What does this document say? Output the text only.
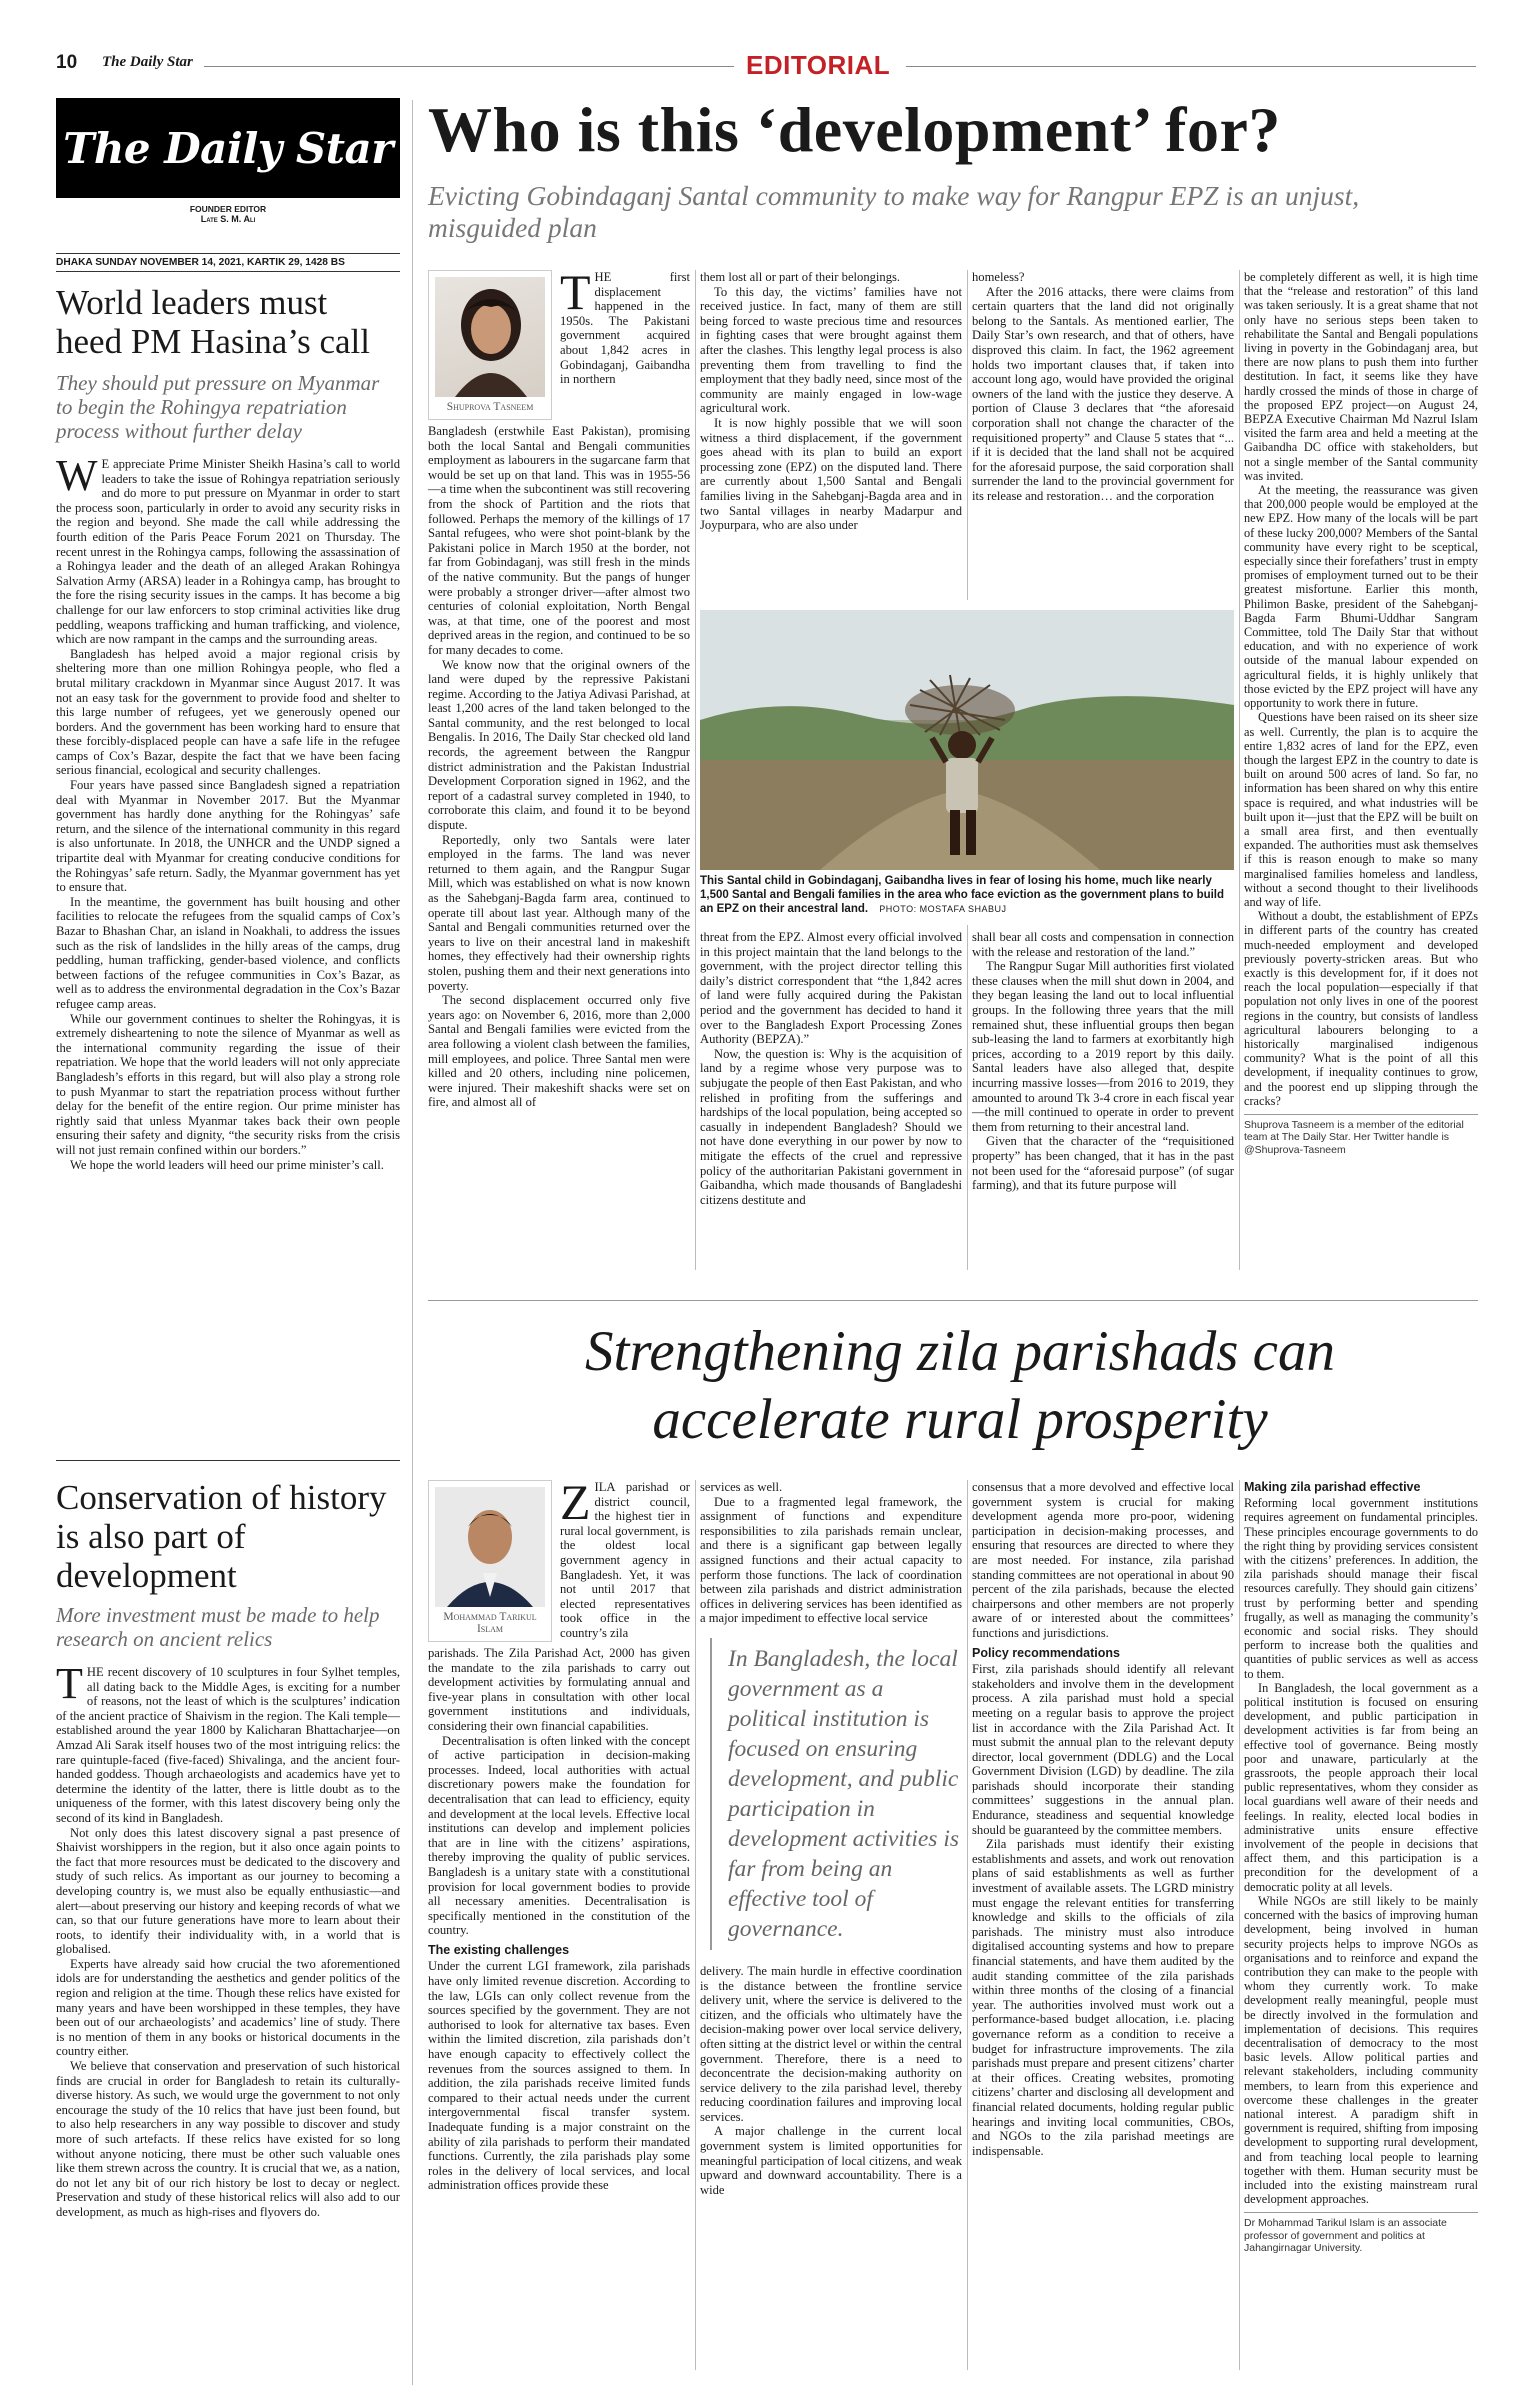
10 The Daily Star	EDITORIAL
The Daily Star
FOUNDER EDITOR
Late S. M. Ali
DHAKA SUNDAY NOVEMBER 14, 2021, KARTIK 29, 1428 BS
World leaders must heed PM Hasina’s call
They should put pressure on Myanmar to begin the Rohingya repatriation process without further delay

W E appreciate Prime Minister Sheikh Hasina’s call to world leaders to take the issue of Rohingya repatriation seriously and do more to put pressure on Myanmar in order to start the process soon, particularly in order to avoid any security risks in the region and beyond. She made the call while addressing the fourth edition of the Paris Peace Forum 2021 on Thursday. The recent unrest in the Rohingya camps, following the assassination of a Rohingya leader and the death of an alleged Arakan Rohingya Salvation Army (ARSA) leader in a Rohingya camp, has brought to the fore the rising security issues in the camps. It has become a big challenge for our law enforcers to stop criminal activities like drug peddling, weapons trafficking and human trafficking, and violence, which are now rampant in the camps and the surrounding areas.

Bangladesh has helped avoid a major regional crisis by sheltering more than one million Rohingya people, who fled a brutal military crackdown in Myanmar since August 2017. It was not an easy task for the government to provide food and shelter to this large number of refugees, yet we generously opened our borders. And the government has been working hard to ensure that these forcibly-displaced people can have a safe life in the refugee camps of Cox’s Bazar, despite the fact that we have been facing serious financial, ecological and security challenges.

Four years have passed since Bangladesh signed a repatriation deal with Myanmar in November 2017. But the Myanmar government has hardly done anything for the Rohingyas’ safe return, and the silence of the international community in this regard is also unfortunate. In 2018, the UNHCR and the UNDP signed a tripartite deal with Myanmar for creating conducive conditions for the Rohingyas’ safe return. Sadly, the Myanmar government has yet to ensure that.

In the meantime, the government has built housing and other facilities to relocate the refugees from the squalid camps of Cox’s Bazar to Bhashan Char, an island in Noakhali, to address the issues such as the risk of landslides in the hilly areas of the camps, drug peddling, human trafficking, gender-based violence, and conflicts between factions of the refugee communities in Cox’s Bazar, as well as to address the environmental degradation in the Cox’s Bazar refugee camp areas.

While our government continues to shelter the Rohingyas, it is extremely disheartening to note the silence of Myanmar as well as the international community regarding the issue of their repatriation. We hope that the world leaders will not only appreciate Bangladesh’s efforts in this regard, but will also play a strong role to push Myanmar to start the repatriation process without further delay for the benefit of the entire region. Our prime minister has rightly said that unless Myanmar takes back their own people ensuring their safety and dignity, “the security risks from the crisis will not just remain confined within our borders.”

We hope the world leaders will heed our prime minister’s call.

Conservation of history is also part of development
More investment must be made to help research on ancient relics

THE recent discovery of 10 sculptures in four Sylhet temples, all dating back to the Middle Ages, is exciting for a number of reasons, not the least of which is the sculptures’ indication of the ancient practice of Shaivism in the region. The Kali temple—established around the year 1800 by Kalicharan Bhattacharjee—on Amzad Ali Sarak itself houses two of the most intriguing relics: the rare quintuple-faced (five-faced) Shivalinga, and the ancient four-handed goddess. Though archaeologists and academics have yet to determine the identity of the latter, there is little doubt as to the uniqueness of the former, with this latest discovery being only the second of its kind in Bangladesh.

Not only does this latest discovery signal a past presence of Shaivist worshippers in the region, but it also once again points to the fact that more resources must be dedicated to the discovery and study of such relics. As important as our journey to becoming a developing country is, we must also be equally enthusiastic—and alert—about preserving our history and keeping records of what we can, so that our future generations have more to learn about their roots, to identify their individuality with, in a world that is globalised.

Experts have already said how crucial the two aforementioned idols are for understanding the aesthetics and gender politics of the region and religion at the time. Though these relics have existed for many years and have been worshipped in these temples, they have been out of our archaeologists’ and academics’ line of study. There is no mention of them in any books or historical documents in the country either.

We believe that conservation and preservation of such historical finds are crucial in order for Bangladesh to retain its culturally-diverse history. As such, we would urge the government to not only encourage the study of the 10 relics that have just been found, but to also help researchers in any way possible to discover and study more of such artefacts. If these relics have existed for so long without anyone noticing, there must be other such valuable ones like them strewn across the country. It is crucial that we, as a nation, do not let any bit of our rich history be lost to decay or neglect. Preservation and study of these historical relics will also add to our development, as much as high-rises and flyovers do.

Who is this ‘development’ for?
Evicting Gobindaganj Santal community to make way for Rangpur EPZ is an unjust, misguided plan
Shuprova Tasneem

THE first displacement happened in the 1950s. The Pakistani government acquired about 1,842 acres in Gobindaganj, Gaibandha in northern

Bangladesh (erstwhile East Pakistan), promising both the local Santal and Bengali communities employment as labourers in the sugarcane farm that would be set up on that land. This was in 1955-56—a time when the subcontinent was still recovering from the shock of Partition and the riots that followed. Perhaps the memory of the killings of 17 Santal refugees, who were shot point-blank by the Pakistani police in March 1950 at the border, not far from Gobindaganj, was still fresh in the minds of the native community. But the pangs of hunger were probably a stronger driver—after almost two centuries of colonial exploitation, North Bengal was, at that time, one of the poorest and most deprived areas in the region, and continued to be so for many decades to come.

We know now that the original owners of the land were duped by the repressive Pakistani regime. According to the Jatiya Adivasi Parishad, at least 1,200 acres of the land taken belonged to the Santal community, and the rest belonged to local Bengalis. In 2016, The Daily Star checked old land records, the agreement between the Rangpur district administration and the Pakistan Industrial Development Corporation signed in 1962, and the report of a cadastral survey completed in 1940, to corroborate this claim, and found it to be beyond dispute.

Reportedly, only two Santals were later employed in the farms. The land was never returned to them again, and the Rangpur Sugar Mill, which was established on what is now known as the Sahebganj-Bagda farm area, continued to operate till about last year. Although many of the Santal and Bengali communities returned over the years to live on their ancestral land in makeshift homes, they effectively had their ownership rights stolen, pushing them and their next generations into poverty.

The second displacement occurred only five years ago: on November 6, 2016, more than 2,000 Santal and Bengali families were evicted from the area following a violent clash between the families, mill employees, and police. Three Santal men were killed and 20 others, including nine policemen, were injured. Their makeshift shacks were set on fire, and almost all of

them lost all or part of their belongings.

To this day, the victims’ families have not received justice. In fact, many of them are still being forced to waste precious time and resources in fighting cases that were brought against them after the clashes. This lengthy legal process is also preventing them from travelling to find the employment that they badly need, since most of the community are mainly engaged in low-wage agricultural work.

It is now highly possible that we will soon witness a third displacement, if the government goes ahead with its plan to build an export processing zone (EPZ) on the disputed land. There are currently about 1,500 Santal and Bengali families living in the Sahebganj-Bagda area and in two Santal villages in nearby Madarpur and Joypurpara, who are also under

homeless?

After the 2016 attacks, there were claims from certain quarters that the land did not originally belong to the Santals. As mentioned earlier, The Daily Star’s own research, and that of others, have disproved this claim. In fact, the 1962 agreement holds two important clauses that, if taken into account long ago, would have provided the original owners of the land with the justice they deserve. A portion of Clause 3 declares that “the aforesaid corporation shall not change the character of the requisitioned property” and Clause 5 states that “... if it is decided that the land shall not be acquired for the aforesaid purpose, the said corporation shall surrender the land to the provincial government for its release and restoration… and the corporation

This Santal child in Gobindaganj, Gaibandha lives in fear of losing his home, much like nearly 1,500 Santal and Bengali families in the area who face eviction as the government plans to build an EPZ on their ancestral land. PHOTO: MOSTAFA SHABUJ

threat from the EPZ. Almost every official involved in this project maintain that the land belongs to the government, with the project director telling this daily’s district correspondent that “the 1,842 acres of land were fully acquired during the Pakistan period and the government has decided to hand it over to the Bangladesh Export Processing Zones Authority (BEPZA).”

Now, the question is: Why is the acquisition of land by a regime whose very purpose was to subjugate the people of then East Pakistan, and who relished in profiting from the sufferings and hardships of the local population, being accepted so casually in independent Bangladesh? Should we not have done everything in our power by now to mitigate the effects of the cruel and repressive policy of the authoritarian Pakistani government in Gaibandha, which made thousands of Bangladeshi citizens destitute and

shall bear all costs and compensation in connection with the release and restoration of the land.”

The Rangpur Sugar Mill authorities first violated these clauses when the mill shut down in 2004, and they began leasing the land out to local influential groups. In the following three years that the mill remained shut, these influential groups then began sub-leasing the land to farmers at exorbitantly high prices, according to a 2019 report by this daily. Santal leaders have also alleged that, despite incurring massive losses—from 2016 to 2019, they amounted to around Tk 3-4 crore in each fiscal year—the mill continued to operate in order to prevent them from returning to their ancestral land.

Given that the character of the “requisitioned property” has been changed, that it has in the past not been used for the “aforesaid purpose” (of sugar farming), and that its future purpose will

be completely different as well, it is high time that the “release and restoration” of this land was taken seriously. It is a great shame that not only have no serious steps been taken to rehabilitate the Santal and Bengali populations living in poverty in the Gobindaganj area, but there are now plans to push them into further destitution. In fact, it seems like they have hardly crossed the minds of those in charge of the proposed EPZ project—on August 24, BEPZA Executive Chairman Md Nazrul Islam visited the farm area and held a meeting at the Gaibandha DC office with stakeholders, but not a single member of the Santal community was invited.

At the meeting, the reassurance was given that 200,000 people would be employed at the new EPZ. How many of the locals will be part of these lucky 200,000? Members of the Santal community have every right to be sceptical, especially since their forefathers’ trust in empty promises of employment turned out to be their greatest misfortune. Earlier this month, Philimon Baske, president of the Sahebganj-Bagda Farm Bhumi-Uddhar Sangram Committee, told The Daily Star that without education, and with no experience of work outside of the manual labour expended on agricultural fields, it is highly unlikely that those evicted by the EPZ project will have any opportunity to work there in future.

Questions have been raised on its sheer size as well. Currently, the plan is to acquire the entire 1,832 acres of land for the EPZ, even though the largest EPZ in the country to date is built on around 500 acres of land. So far, no information has been shared on why this entire space is required, and what industries will be built upon it—just that the EPZ will be built on a small area first, and then eventually expanded. The authorities must ask themselves if this is reason enough to make so many marginalised families homeless and landless, without a second thought to their livelihoods and way of life.

Without a doubt, the establishment of EPZs in different parts of the country has created much-needed employment and developed previously poverty-stricken areas. But who exactly is this development for, if it does not reach the local population—especially if that population not only lives in one of the poorest regions in the country, but consists of landless agricultural labourers belonging to a historically marginalised indigenous community? What is the point of all this development, if inequality continues to grow, and the poorest end up slipping through the cracks?

Shuprova Tasneem is a member of the editorial team at The Daily Star. Her Twitter handle is @Shuprova-Tasneem
Strengthening zila parishads can accelerate rural prosperity
Mohammad Tarikul Islam

ZILA parishad or district council, the highest tier in rural local government, is the oldest local government agency in Bangladesh. Yet, it was not until 2017 that elected representatives took office in the country’s zila

parishads. The Zila Parishad Act, 2000 has given the mandate to the zila parishads to carry out development activities by formulating annual and five-year plans in consultation with other local government institutions and individuals, considering their own financial capabilities.

Decentralisation is often linked with the concept of active participation in decision-making processes. Indeed, local authorities with actual discretionary powers make the foundation for decentralisation that can lead to efficiency, equity and development at the local levels. Effective local institutions can develop and implement policies that are in line with the citizens’ aspirations, thereby improving the quality of public services. Bangladesh is a unitary state with a constitutional provision for local government bodies to provide all necessary amenities. Decentralisation is specifically mentioned in the constitution of the country.

The existing challenges

Under the current LGI framework, zila parishads have only limited revenue discretion. According to the law, LGIs can only collect revenue from the sources specified by the government. They are not authorised to look for alternative tax bases. Even within the limited discretion, zila parishads don’t have enough capacity to effectively collect the revenues from the sources assigned to them. In addition, the zila parishads receive limited funds compared to their actual needs under the current intergovernmental fiscal transfer system. Inadequate funding is a major constraint on the ability of zila parishads to perform their mandated functions. Currently, the zila parishads play some roles in the delivery of local services, and local administration offices provide these

services as well.

Due to a fragmented legal framework, the assignment of functions and expenditure responsibilities to zila parishads remain unclear, and there is a significant gap between legally assigned functions and their actual capacity to perform those functions. The lack of coordination between zila parishads and district administration offices in delivering services has been identified as a major impediment to effective local service

In Bangladesh, the local government as a political institution is focused on ensuring development, and public participation in development activities is far from being an effective tool of governance.

delivery. The main hurdle in effective coordination is the distance between the frontline service delivery unit, where the service is delivered to the citizen, and the officials who ultimately have the decision-making power over local service delivery, often sitting at the district level or within the central government. Therefore, there is a need to deconcentrate the decision-making authority on service delivery to the zila parishad level, thereby reducing coordination failures and improving local services.

A major challenge in the current local government system is limited opportunities for meaningful participation of local citizens, and weak upward and downward accountability. There is a wide

consensus that a more devolved and effective local government system is crucial for making development agenda more pro-poor, widening participation in decision-making processes, and ensuring that resources are directed to where they are most needed. For instance, zila parishad standing committees are not operational in about 90 percent of the zila parishads, because the elected chairpersons and other members are not properly aware of or interested about the committees’ functions and jurisdictions.

Policy recommendations

First, zila parishads should identify all relevant stakeholders and involve them in the development process. A zila parishad must hold a special meeting on a regular basis to approve the project list in accordance with the Zila Parishad Act. It must submit the annual plan to the relevant deputy director, local government (DDLG) and the Local Government Division (LGD) by deadline. The zila parishads should incorporate their standing committees’ suggestions in the annual plan. Endurance, steadiness and sequential knowledge should be guaranteed by the committee members.

Zila parishads must identify their existing establishments and assets, and work out renovation plans of said establishments as well as further investment of available assets. The LGRD ministry must engage the relevant entities for transferring knowledge and skills to the officials of zila parishads. The ministry must also introduce digitalised accounting systems and how to prepare financial statements, and have them audited by the audit standing committee of the zila parishads within three months of the closing of a financial year. The authorities involved must work out a performance-based budget allocation, i.e. placing governance reform as a condition to receive a budget for infrastructure improvements. The zila parishads must prepare and present citizens’ charter at their offices. Creating websites, promoting citizens’ charter and disclosing all development and financial related documents, holding regular public hearings and inviting local communities, CBOs, and NGOs to the zila parishad meetings are indispensable.

Making zila parishad effective

Reforming local government institutions requires agreement on fundamental principles. These principles encourage governments to do the right thing by providing services consistent with the citizens’ preferences. In addition, the zila parishads should manage their fiscal resources carefully. They should gain citizens’ trust by performing better and spending frugally, as well as managing the community’s economic and social risks. They should perform to increase both the qualities and quantities of public services as well as access to them.

In Bangladesh, the local government as a political institution is focused on ensuring development, and public participation in development activities is far from being an effective tool of governance. Being mostly poor and unaware, particularly at the grassroots, the people approach their local public representatives, whom they consider as local guardians well aware of their needs and feelings. In reality, elected local bodies in administrative units ensure effective involvement of the people in decisions that affect them, and this participation is a precondition for the development of a democratic polity at all levels.

While NGOs are still likely to be mainly concerned with the basics of improving human development, being involved in human security projects helps to improve NGOs as organisations and to reinforce and expand the contribution they can make to the people with whom they currently work. To make development really meaningful, people must be directly involved in the formulation and implementation of decisions. This requires decentralisation of democracy to the most basic levels. Allow political parties and relevant stakeholders, including community members, to learn from this experience and overcome these challenges in the greater national interest. A paradigm shift in government is required, shifting from imposing development to supporting rural development, and from teaching local people to learning together with them. Human security must be included into the existing mainstream rural development approaches.

Dr Mohammad Tarikul Islam is an associate professor of government and politics at Jahangirnagar University.
